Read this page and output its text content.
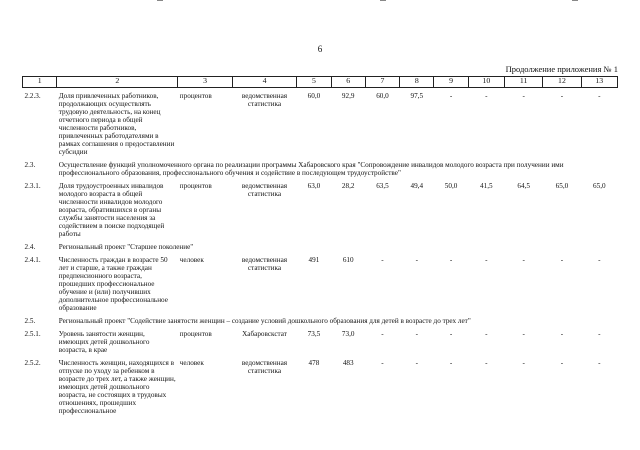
6
Продолжение приложения № 1
1	2	3	4	5	6	7	8	9	10	11	12	13

2.2.3.	Доля привлеченных работников, продолжающих осуществлять трудовую деятельность, на конец отчетного периода в общей численности работников, привлеченных работодателями в рамках соглашения о предоставлении субсидии	процентов	ведомственная статистика	60,0	92,9	60,0	97,5	-	-	-	-	-

2.3.	Осуществление функций уполномоченного органа по реализации программы Хабаровского края "Сопровождение инвалидов молодого возраста при получении ими профессионального образования, профессионального обучения и содействие в последующем трудоустройстве"											

2.3.1.	Доля трудоустроенных инвалидов молодого возраста в общей численности инвалидов молодого возраста, обратившихся в органы службы занятости населения за содействием в поиске подходящей работы	процентов	ведомственная статистика	63,0	28,2	63,5	49,4	50,0	41,5	64,5	65,0	65,0

2.4.	Региональный проект "Старшее поколение"											

2.4.1.	Численность граждан в возрасте 50 лет и старше, а также граждан предпенсионного возраста, прошедших профессиональное обучение и (или) получивших дополнительное профессиональное образование	человек	ведомственная статистика	491	610	-	-	-	-	-	-	-

2.5.	Региональный проект "Содействие занятости женщин – создание условий дошкольного образования для детей в возрасте до трех лет"											

2.5.1.	Уровень занятости женщин, имеющих детей дошкольного возраста, в крае	процентов	Хабаровскстат	73,5	73,0	-	-	-	-	-	-	-

2.5.2.	Численность женщин, находящихся в отпуске по уходу за ребенком в возрасте до трех лет, а также женщин, имеющих детей дошкольного возраста, не состоящих в трудовых отношениях, прошедших профессиональное	человек	ведомственная статистика	478	483	-	-	-	-	-	-	-
